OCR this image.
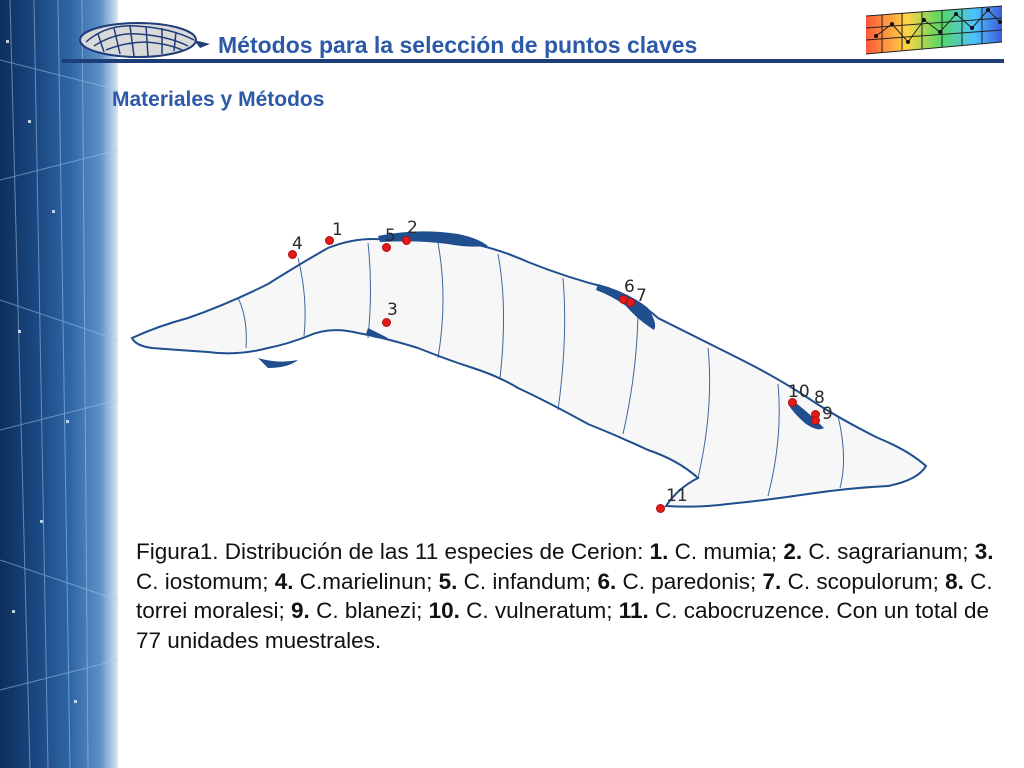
Métodos para la selección de puntos claves
Materiales y Métodos
1	2
3
4	5
6 7
8
9
10
11
Figura1. Distribución de las 11 especies de Cerion: 1. C. mumia; 2. C. sagrarianum; 3. C. iostomum; 4. C.marielinun; 5. C. infandum; 6. C. paredonis; 7. C. scopulorum; 8. C. torrei moralesi; 9. C. blanezi; 10. C. vulneratum; 11. C. cabocruzence. Con un total de 77 unidades muestrales.
